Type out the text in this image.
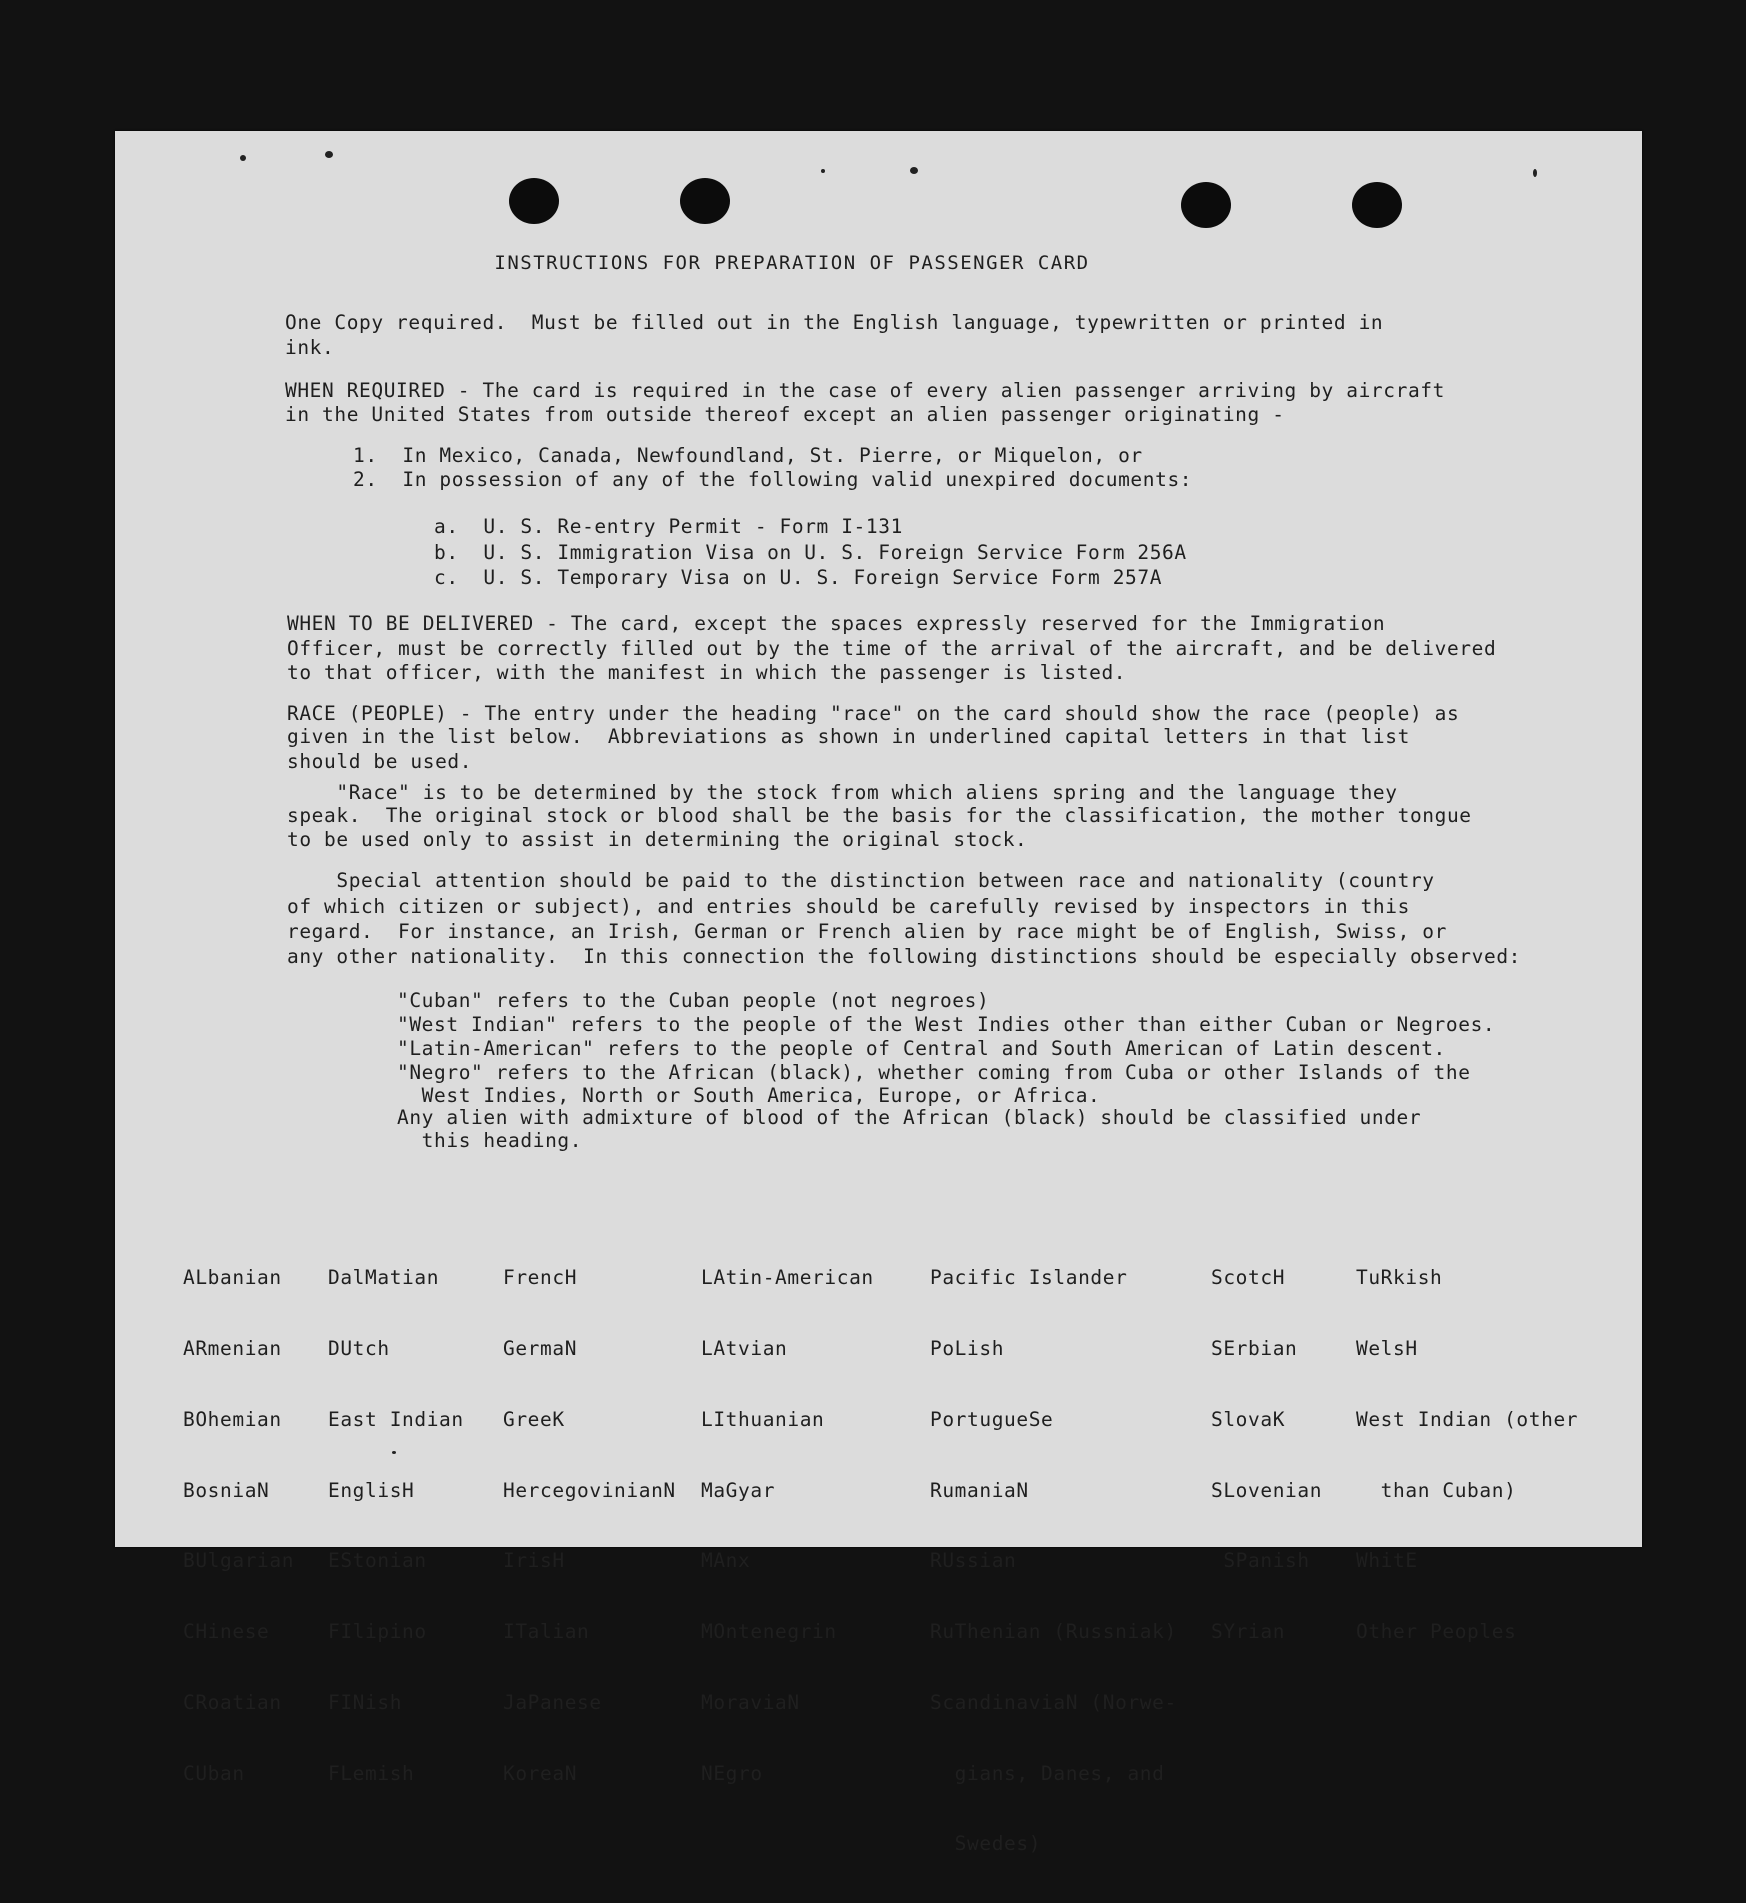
INSTRUCTIONS FOR PREPARATION OF PASSENGER CARD
One Copy required.  Must be filled out in the English language, typewritten or printed in
ink.
WHEN REQUIRED - The card is required in the case of every alien passenger arriving by aircraft
in the United States from outside thereof except an alien passenger originating -
1.  In Mexico, Canada, Newfoundland, St. Pierre, or Miquelon, or
2.  In possession of any of the following valid unexpired documents:
a.  U. S. Re-entry Permit - Form I-131
b.  U. S. Immigration Visa on U. S. Foreign Service Form 256A
c.  U. S. Temporary Visa on U. S. Foreign Service Form 257A
WHEN TO BE DELIVERED - The card, except the spaces expressly reserved for the Immigration
Officer, must be correctly filled out by the time of the arrival of the aircraft, and be delivered
to that officer, with the manifest in which the passenger is listed.
RACE (PEOPLE) - The entry under the heading "race" on the card should show the race (people) as
given in the list below.  Abbreviations as shown in underlined capital letters in that list
should be used.
"Race" is to be determined by the stock from which aliens spring and the language they
speak.  The original stock or blood shall be the basis for the classification, the mother tongue
to be used only to assist in determining the original stock.
Special attention should be paid to the distinction between race and nationality (country
of which citizen or subject), and entries should be carefully revised by inspectors in this
regard.  For instance, an Irish, German or French alien by race might be of English, Swiss, or
any other nationality.  In this connection the following distinctions should be especially observed:
"Cuban" refers to the Cuban people (not negroes)
"West Indian" refers to the people of the West Indies other than either Cuban or Negroes.
"Latin-American" refers to the people of Central and South American of Latin descent.
"Negro" refers to the African (black), whether coming from Cuba or other Islands of the
West Indies, North or South America, Europe, or Africa.
Any alien with admixture of blood of the African (black) should be classified under
this heading.

ALbanian

ARmenian

BOhemian

BosniaN

BUlgarian

CHinese

CRoatian

CUban

DalMatian

DUtch

East Indian

EnglisH

EStonian

FIlipino

FINish

FLemish

FrencH

GermaN

GreeK

HercegovinianN

IrisH

ITalian

JaPanese

KoreaN

LAtin-American

LAtvian

LIthuanian

MaGyar

MAnx

MOntenegrin

MoraviaN

NEgro

Pacific Islander

PoLish

PortugueSe

RumaniaN

RUssian

RuThenian (Russniak)

ScandinaviaN (Norwe-

gians, Danes, and

Swedes)

ScotcH

SErbian

SlovaK

SLovenian

SPanish

SYrian

TuRkish

WelsH

West Indian (other

than Cuban)

WhitE

Other Peoples
